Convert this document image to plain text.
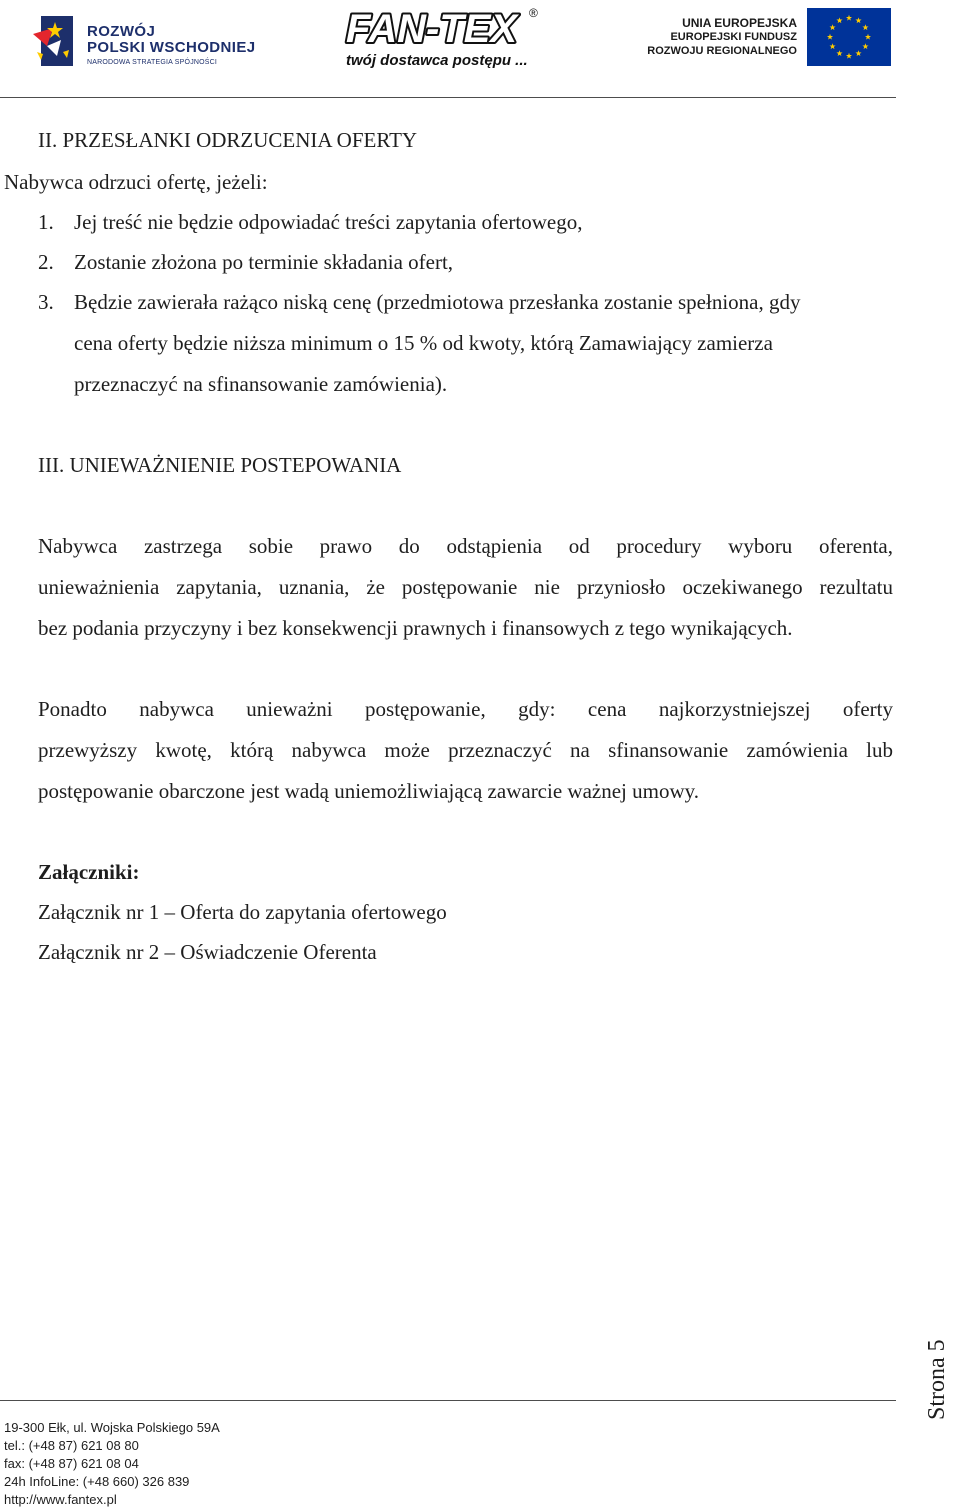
ROZWÓJ
POLSKI WSCHODNIEJ
NARODOWA STRATEGIA SPÓJNOŚCI
FAN-TEX ®
twój dostawca postępu ...
UNIA EUROPEJSKA
EUROPEJSKI FUNDUSZ
ROZWOJU REGIONALNEGO
II. PRZESŁANKI ODRZUCENIA OFERTY
Nabywca odrzuci ofertę, jeżeli:
1. Jej treść nie będzie odpowiadać treści zapytania ofertowego,
2. Zostanie złożona po terminie składania ofert,
3. Będzie zawierała rażąco niską cenę (przedmiotowa przesłanka zostanie spełniona, gdy
cena oferty będzie niższa minimum o 15 % od kwoty, którą Zamawiający zamierza
przeznaczyć na sfinansowanie zamówienia).
III. UNIEWAŻNIENIE POSTEPOWANIA
Nabywca zastrzega sobie prawo do odstąpienia od procedury wyboru oferenta,
unieważnienia zapytania, uznania, że postępowanie nie przyniosło oczekiwanego rezultatu
bez podania przyczyny i bez konsekwencji prawnych i finansowych z tego wynikających.
Ponadto nabywca unieważni postępowanie, gdy: cena najkorzystniejszej oferty
przewyższy kwotę, którą nabywca może przeznaczyć na sfinansowanie zamówienia lub
postępowanie obarczone jest wadą uniemożliwiającą zawarcie ważnej umowy.
Załączniki:
Załącznik nr 1 – Oferta do zapytania ofertowego
Załącznik nr 2 – Oświadczenie Oferenta
19-300 Ełk, ul. Wojska Polskiego 59A
tel.: (+48 87) 621 08 80
fax: (+48 87) 621 08 04
24h InfoLine: (+48 660) 326 839
http://www.fantex.pl
Strona 5
